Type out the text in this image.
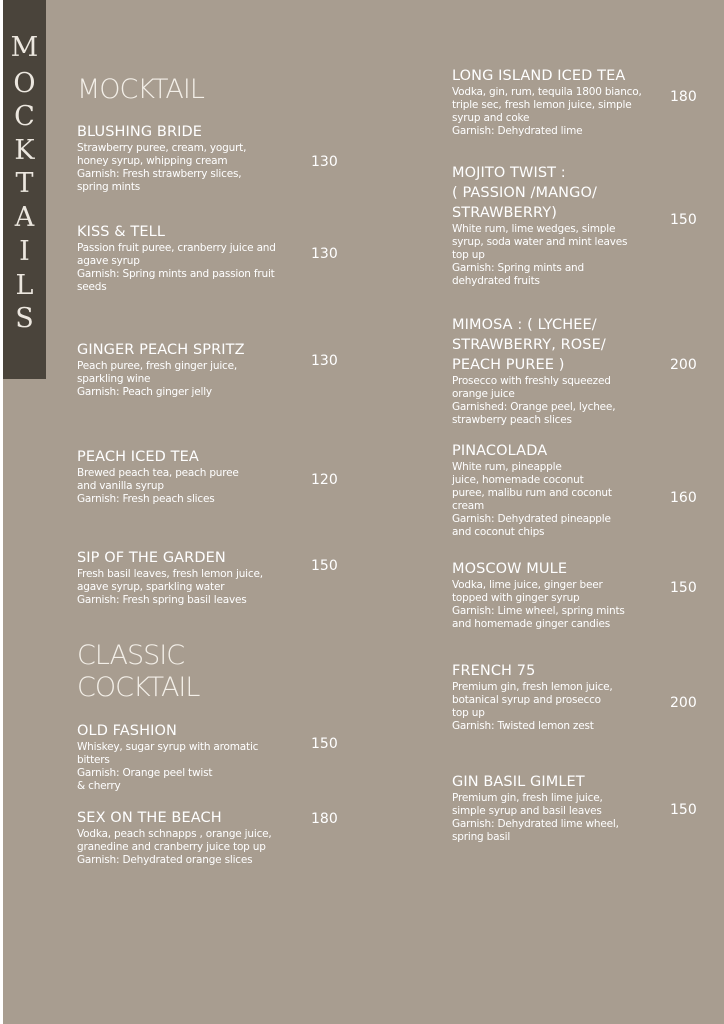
M
O
C
K
T
A
I
L
S
MOCKTAIL
CLASSIC
COCKTAIL
BLUSHING BRIDE
Strawberry puree, cream, yogurt,
honey syrup, whipping cream
Garnish: Fresh strawberry slices,
spring mints
130
KISS & TELL
Passion fruit puree, cranberry juice and
agave syrup
Garnish: Spring mints and passion fruit
seeds
130
GINGER PEACH SPRITZ
Peach puree, fresh ginger juice,
sparkling wine
Garnish: Peach ginger jelly
130
PEACH ICED TEA
Brewed peach tea, peach puree
and vanilla syrup
Garnish: Fresh peach slices
120
SIP OF THE GARDEN
Fresh basil leaves, fresh lemon juice,
agave syrup, sparkling water
Garnish: Fresh spring basil leaves
150
OLD FASHION
Whiskey, sugar syrup with aromatic
bitters
Garnish: Orange peel twist
& cherry
150
SEX ON THE BEACH
Vodka, peach schnapps , orange juice,
granedine and cranberry juice top up
Garnish: Dehydrated orange slices
180
LONG ISLAND ICED TEA
Vodka, gin, rum, tequila 1800 bianco,
triple sec, fresh lemon juice, simple
syrup and coke
Garnish: Dehydrated lime
180
MOJITO TWIST :
( PASSION /MANGO/
STRAWBERRY)
White rum, lime wedges, simple
syrup, soda water and mint leaves
top up
Garnish: Spring mints and
dehydrated fruits
150
MIMOSA : ( LYCHEE/
STRAWBERRY, ROSE/
PEACH PUREE )
Prosecco with freshly squeezed
orange juice
Garnished: Orange peel, lychee,
strawberry peach slices
200
PINACOLADA
White rum, pineapple
juice, homemade coconut
puree, malibu rum and coconut
cream
Garnish: Dehydrated pineapple
and coconut chips
160
MOSCOW MULE
Vodka, lime juice, ginger beer
topped with ginger syrup
Garnish: Lime wheel, spring mints
and homemade ginger candies
150
FRENCH 75
Premium gin, fresh lemon juice,
botanical syrup and prosecco
top up
Garnish: Twisted lemon zest
200
GIN BASIL GIMLET
Premium gin, fresh lime juice,
simple syrup and basil leaves
Garnish: Dehydrated lime wheel,
spring basil
150
